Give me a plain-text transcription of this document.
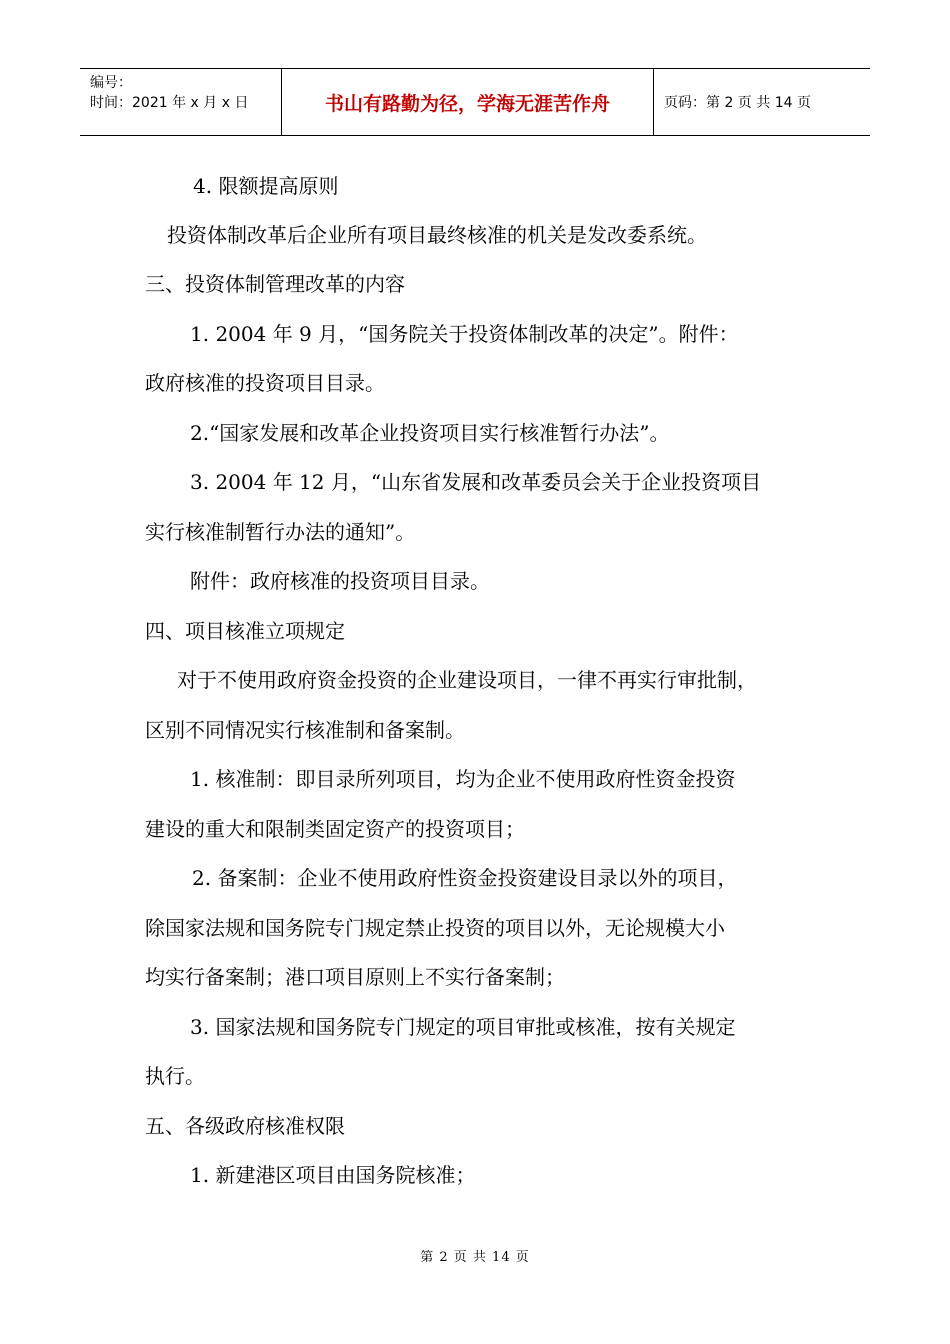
编号：
时间：2021 年 x 月 x 日	书山有路勤为径，学海无涯苦作舟	页码：第 2 页 共 14 页
4. 限额提高原则
投资体制改革后企业所有项目最终核准的机关是发改委系统。
三、投资体制管理改革的内容
1. 2004 年 9 月，“国务院关于投资体制改革的决定”。附件：
政府核准的投资项目目录。
2.“国家发展和改革企业投资项目实行核准暂行办法”。
3. 2004 年 12 月，“山东省发展和改革委员会关于企业投资项目
实行核准制暂行办法的通知”。
附件：政府核准的投资项目目录。
四、项目核准立项规定
对于不使用政府资金投资的企业建设项目，一律不再实行审批制，
区别不同情况实行核准制和备案制。
1. 核准制：即目录所列项目，均为企业不使用政府性资金投资
建设的重大和限制类固定资产的投资项目；
2. 备案制：企业不使用政府性资金投资建设目录以外的项目，
除国家法规和国务院专门规定禁止投资的项目以外，无论规模大小
均实行备案制；港口项目原则上不实行备案制；
3. 国家法规和国务院专门规定的项目审批或核准，按有关规定
执行。
五、各级政府核准权限
1. 新建港区项目由国务院核准；
第 2 页 共 14 页
